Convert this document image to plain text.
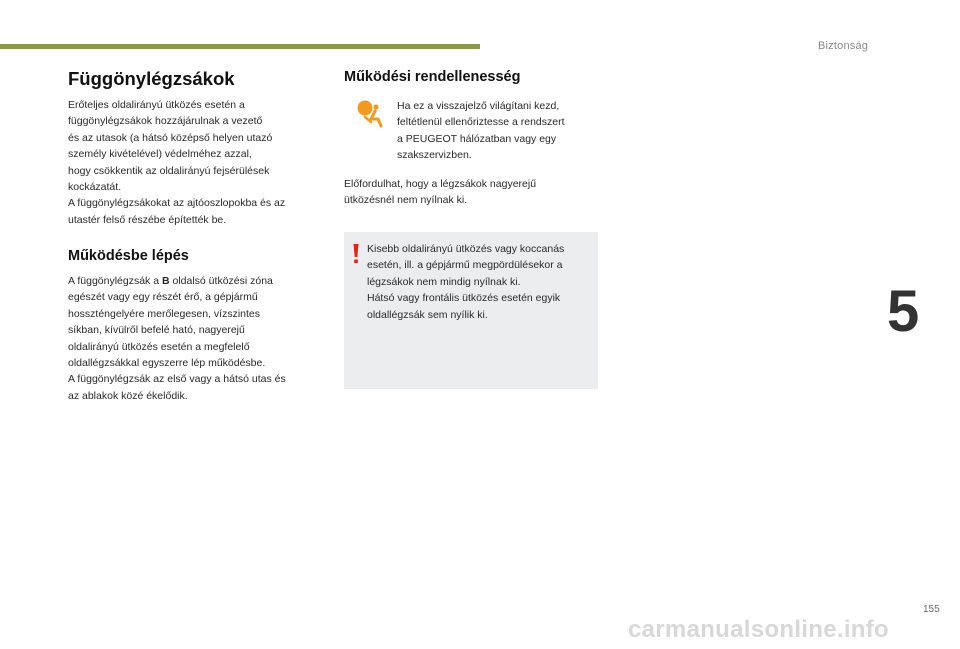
Biztonság
5
Függönylégzsákok

Erőteljes oldalirányú ütközés esetén a
függönylégzsákok hozzájárulnak a vezető
és az utasok (a hátsó középső helyen utazó
személy kivételével) védelméhez azzal,
hogy csökkentik az oldalirányú fejsérülések
kockázatát.
A függönylégzsákokat az ajtóoszlopokba és az
utastér felső részébe építették be.

Működésbe lépés

A függönylégzsák a B oldalsó ütközési zóna
egészét vagy egy részét érő, a gépjármű
hosszténgelyére merőlegesen, vízszintes
síkban, kívülről befelé ható, nagyerejű
oldalirányú ütközés esetén a megfelelő
oldallégzsákkal egyszerre lép működésbe.
A függönylégzsák az első vagy a hátsó utas és
az ablakok közé ékelődik.

Működési rendellenesség

Ha ez a visszajelző világítani kezd,
feltétlenül ellenőriztesse a rendszert
a PEUGEOT hálózatban vagy egy
szakszervizben.

Előfordulhat, hogy a légzsákok nagyerejű
ütközésnél nem nyílnak ki.

Kisebb oldalirányú ütközés vagy koccanás
esetén, ill. a gépjármű megpördülésekor a
légzsákok nem mindig nyílnak ki.
Hátsó vagy frontális ütközés esetén egyik
oldallégzsák sem nyílik ki.

155
carmanualsonline.info
